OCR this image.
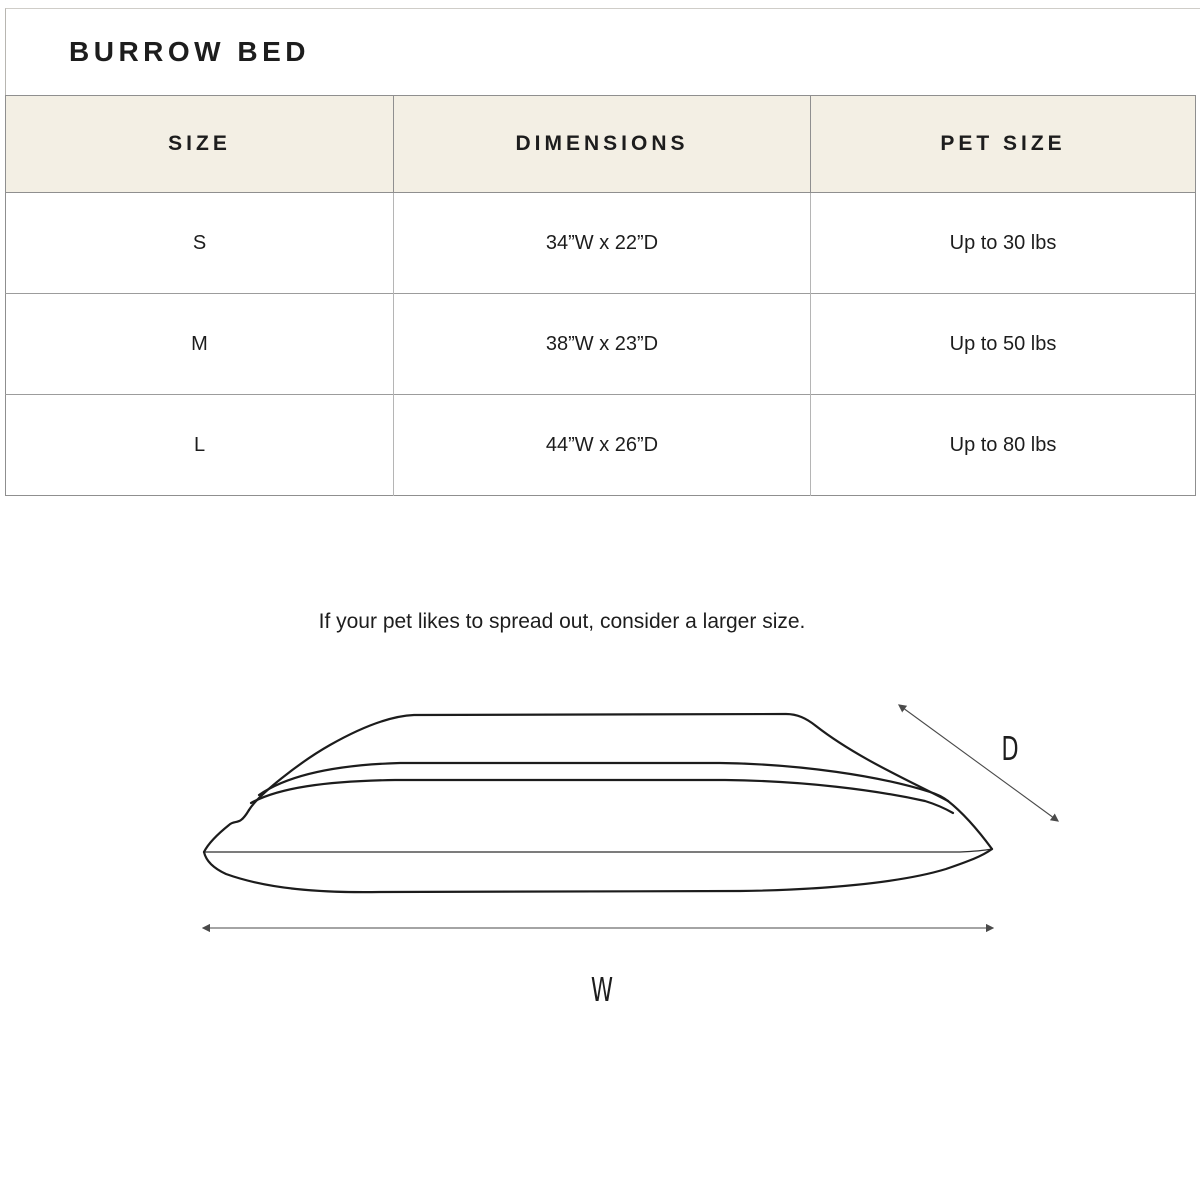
BURROW BED
SIZE	DIMENSIONS	PET SIZE
S	34”W x 22”D	Up to 30 lbs
M	38”W x 23”D	Up to 50 lbs
L	44”W x 26”D	Up to 80 lbs
If your pet likes to spread out, consider a larger size.
W
D
